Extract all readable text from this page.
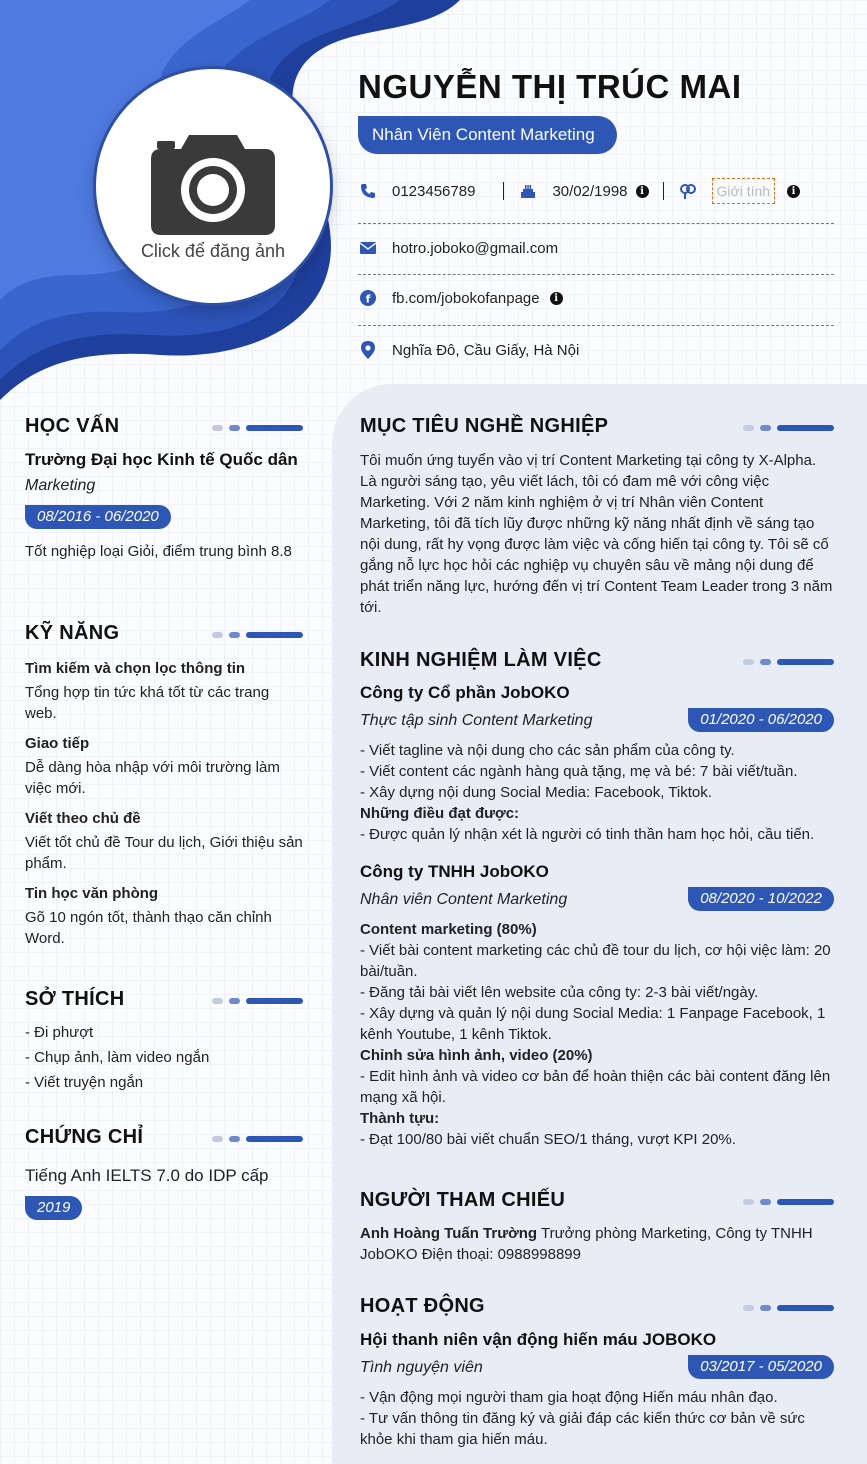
Click để đăng ảnh
NGUYỄN THỊ TRÚC MAI
Nhân Viên Content Marketing
0123456789	30/02/1998	i	Giới tính	i
hotro.joboko@gmail.com
f fb.com/jobokofanpage	i
Nghĩa Đô, Cầu Giấy, Hà Nội
HỌC VẤN
Trường Đại học Kinh tế Quốc dân
Marketing
08/2016 - 06/2020
Tốt nghiệp loại Giỏi, điểm trung bình 8.8
KỸ NĂNG
Tìm kiếm và chọn lọc thông tin
Tổng hợp tin tức khá tốt từ các trang web.
Giao tiếp
Dễ dàng hòa nhập với môi trường làm việc mới.
Viết theo chủ đề
Viết tốt chủ đề Tour du lịch, Giới thiệu sản phẩm.
Tin học văn phòng
Gõ 10 ngón tốt, thành thạo căn chỉnh Word.
SỞ THÍCH
- Đi phượt
- Chụp ảnh, làm video ngắn
- Viết truyện ngắn
CHỨNG CHỈ
Tiếng Anh IELTS 7.0 do IDP cấp
2019
MỤC TIÊU NGHỀ NGHIỆP
Tôi muốn ứng tuyển vào vị trí Content Marketing tại công ty X-Alpha. Là người sáng tạo, yêu viết lách, tôi có đam mê với công việc Marketing. Với 2 năm kinh nghiệm ở vị trí Nhân viên Content Marketing, tôi đã tích lũy được những kỹ năng nhất định về sáng tạo nội dung, rất hy vọng được làm việc và cống hiến tại công ty. Tôi sẽ cố gắng nỗ lực học hỏi các nghiệp vụ chuyên sâu về mảng nội dung để phát triển năng lực, hướng đến vị trí Content Team Leader trong 3 năm tới.
KINH NGHIỆM LÀM VIỆC
Công ty Cổ phần JobOKO
Thực tập sinh Content Marketing	01/2020 - 06/2020
- Viết tagline và nội dung cho các sản phẩm của công ty.
- Viết content các ngành hàng quà tặng, mẹ và bé: 7 bài viết/tuần.
- Xây dựng nội dung Social Media: Facebook, Tiktok.
Những điều đạt được:
- Được quản lý nhận xét là người có tinh thần ham học hỏi, cầu tiến.
Công ty TNHH JobOKO
Nhân viên Content Marketing	08/2020 - 10/2022
Content marketing (80%)
- Viết bài content marketing các chủ đề tour du lịch, cơ hội việc làm: 20 bài/tuần.
- Đăng tải bài viết lên website của công ty: 2-3 bài viết/ngày.
- Xây dựng và quản lý nội dung Social Media: 1 Fanpage Facebook, 1 kênh Youtube, 1 kênh Tiktok.
Chỉnh sửa hình ảnh, video (20%)
- Edit hình ảnh và video cơ bản để hoàn thiện các bài content đăng lên mạng xã hội.
Thành tựu:
- Đạt 100/80 bài viết chuẩn SEO/1 tháng, vượt KPI 20%.
NGƯỜI THAM CHIẾU
Anh Hoàng Tuấn Trường Trưởng phòng Marketing, Công ty TNHH JobOKO Điện thoại: 0988998899
HOẠT ĐỘNG
Hội thanh niên vận động hiến máu JOBOKO
Tình nguyện viên	03/2017 - 05/2020
- Vận động mọi người tham gia hoạt động Hiến máu nhân đạo.
- Tư vấn thông tin đăng ký và giải đáp các kiến thức cơ bản về sức khỏe khi tham gia hiến máu.
